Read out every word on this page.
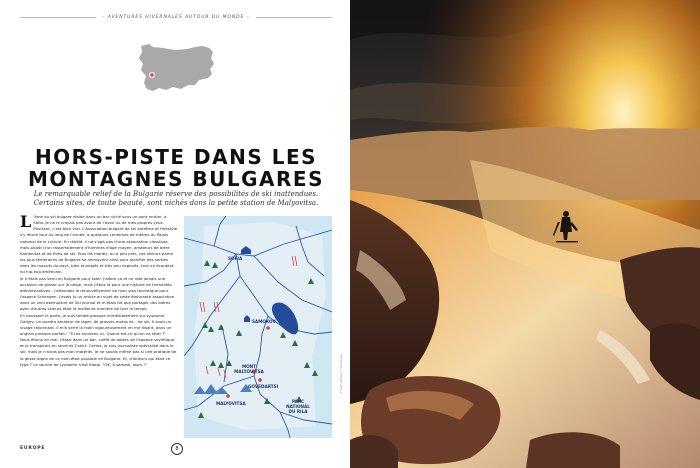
– AVENTURES HIVERNALES AUTOUR DU MONDE –
HORS-PISTE DANS LES
MONTAGNES BULGARES
Le remarquable relief de la Bulgarie réserve des possibilités de ski inattendues.
Certains sites, de toute beauté, sont nichés dans la petite station de Malyovitsa.

L 'âme du ski bulgare réside dans un bar niché sous un pont routier, à Sofia. Je ne le croyais pas avant de l'avoir vu de mes propres yeux. Pourtant, c'est bien vrai. L'Association bulgare de ski extrême et freestyle s'y réunit tout au long de l'année, à quelques centaines de mètres du Palais national de la culture. En réalité, il ne s'agit pas d'une association classique, mais plutôt d'un rassemblement d'hommes d'âge moyen, amateurs de bière Kamenitza et de films de ski. Tous les mardis, ou à peu près, ces skieurs parmi les plus téméraires de Bulgarie se retrouvent ainsi pour planifier des sorties dans les massifs du pays, bien enneigés et très peu explorés, tout en écoutant du hip-hop américain.

Je n'étais pas venu en Bulgarie pour skier. J'adore ça et ne rate jamais une occasion de glisser sur la neige, mais j'étais là pour une histoire de formalités administratives : j'attendais le renouvellement de mon visa touristique pour l'espace Schengen. J'avais lu un article au sujet de cette étonnante association dans un vieil exemplaire de Ski Journal et m'étais dit que partager des bières avec d'autres skieurs était la meilleure manière de tuer le temps.

En poussant la porte, je suis tombé presque immédiatement sur Lyubomir Gadjev, un quadra amateur de lager, de grosses motos et... de ski. Il avait un visage rayonnant. Il m'a serré la main vigoureusement en me disant, dans un anglais presque parfait : "Tu es nouveau ici. Quand est-ce qu'on va skier ?"

Nous étions en mai. J'étais dans un bar, coiffé de bottes de l'époque soviétique, et je transpirais en short et T-shirt. Certes, je suis journaliste spécialisé dans le ski, mais je n'avais pas mon matériel. Je ne savais même pas si une pratique de la glisse digne de ce nom était possible en Bulgarie. Et, d'ailleurs qui était ce type ? Le sourire de Lyubomir s'est élargi. "OK, à samedi, alors !"

SOFIA
SAMOKOV
MONT
MALYOVITSA
GOVEDARTSI
MALYOVITSA	PARC
NATIONAL
DU RILA
EUROPE	8
© Ivan Tomov / The Image
